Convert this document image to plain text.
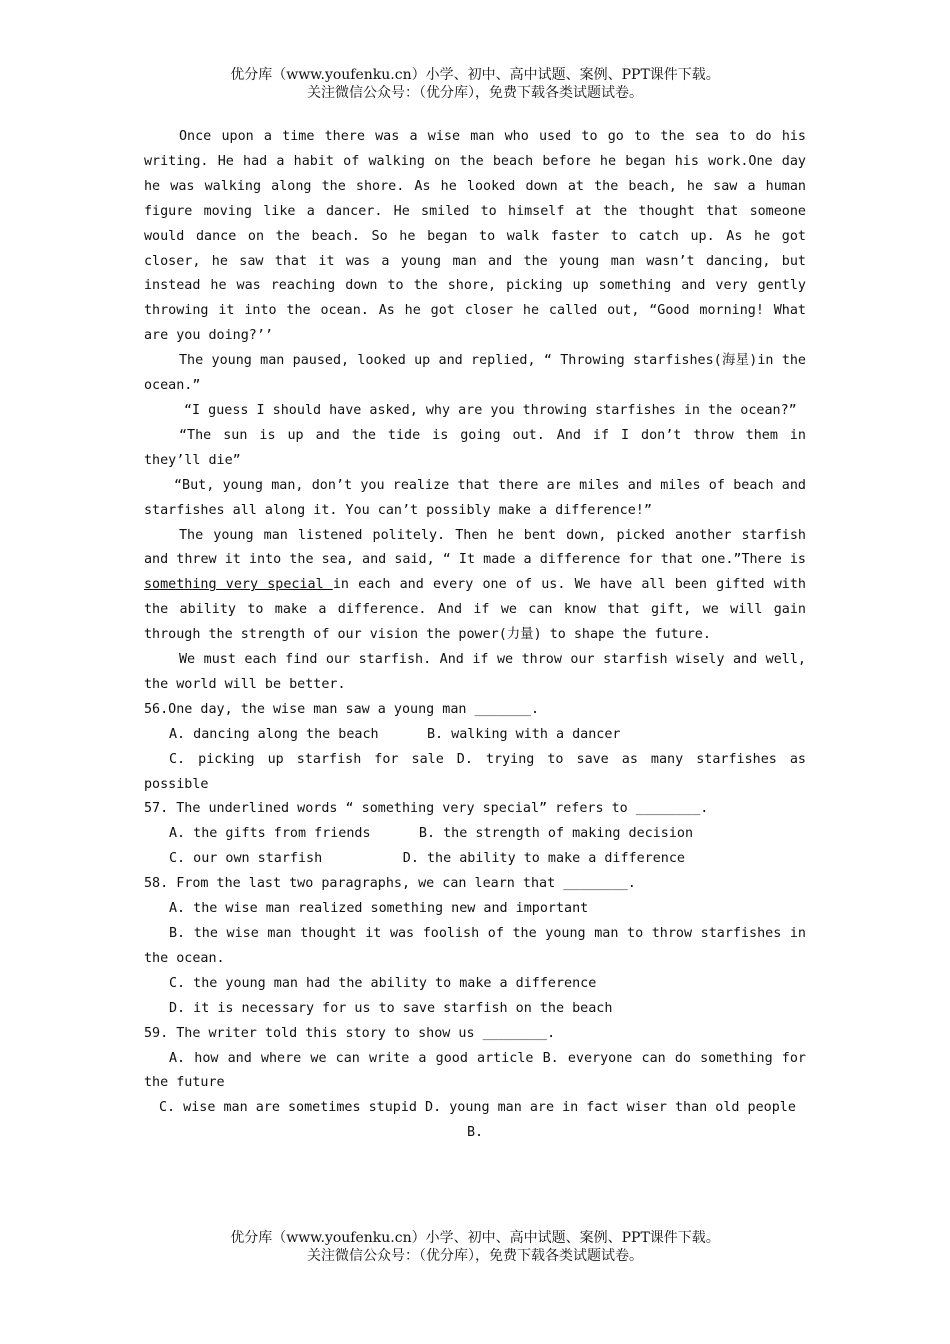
优分库（www.youfenku.cn）小学、初中、高中试题、案例、PPT课件下载。
关注微信公众号：（优分库），免费下载各类试题试卷。

Once upon a time there was a wise man who used to go to the sea to do his writing. He had a habit of walking on the beach before he began his work.One day he was walking along the shore. As he looked down at the beach, he saw a human figure moving like a dancer. He smiled to himself at the thought that someone would dance on the beach. So he began to walk faster to catch up. As he got closer, he saw that it was a young man and the young man wasn’t dancing, but instead he was reaching down to the shore, picking up something and very gently throwing it into the ocean. As he got closer he called out, “Good morning! What are you doing?’’

The young man paused, looked up and replied, “ Throwing starfishes(海星)in the ocean.”

“I guess I should have asked, why are you throwing starfishes in the ocean?”

“The sun is up and the tide is going out. And if I don’t throw them in they’ll die”

“But, young man, don’t you realize that there are miles and miles of beach and starfishes all along it. You can’t possibly make a difference!”

The young man listened politely. Then he bent down, picked another starfish and threw it into the sea, and said, “ It made a difference for that one.”There is something very special in each and every one of us. We have all been gifted with the ability to make a difference. And if we can know that gift, we will gain through the strength of our vision the power(力量) to shape the future.

We must each find our starfish. And if we throw our starfish wisely and well, the world will be better.

56.One day, the wise man saw a young man _______.

A. dancing along the beach      B. walking with a dancer

C. picking up starfish for sale D. trying to save as many starfishes as possible

57. The underlined words “ something very special” refers to ________.

A. the gifts from friends      B. the strength of making decision

C. our own starfish          D. the ability to make a difference

58. From the last two paragraphs, we can learn that ________.

A. the wise man realized something new and important

B. the wise man thought it was foolish of the young man to throw starfishes in the ocean.

C. the young man had the ability to make a difference

D. it is necessary for us to save starfish on the beach

59. The writer told this story to show us ________.

A. how and where we can write a good article B. everyone can do something for the future

C. wise man are sometimes stupid D. young man are in fact wiser than old people

B.

优分库（www.youfenku.cn）小学、初中、高中试题、案例、PPT课件下载。
关注微信公众号：（优分库），免费下载各类试题试卷。
